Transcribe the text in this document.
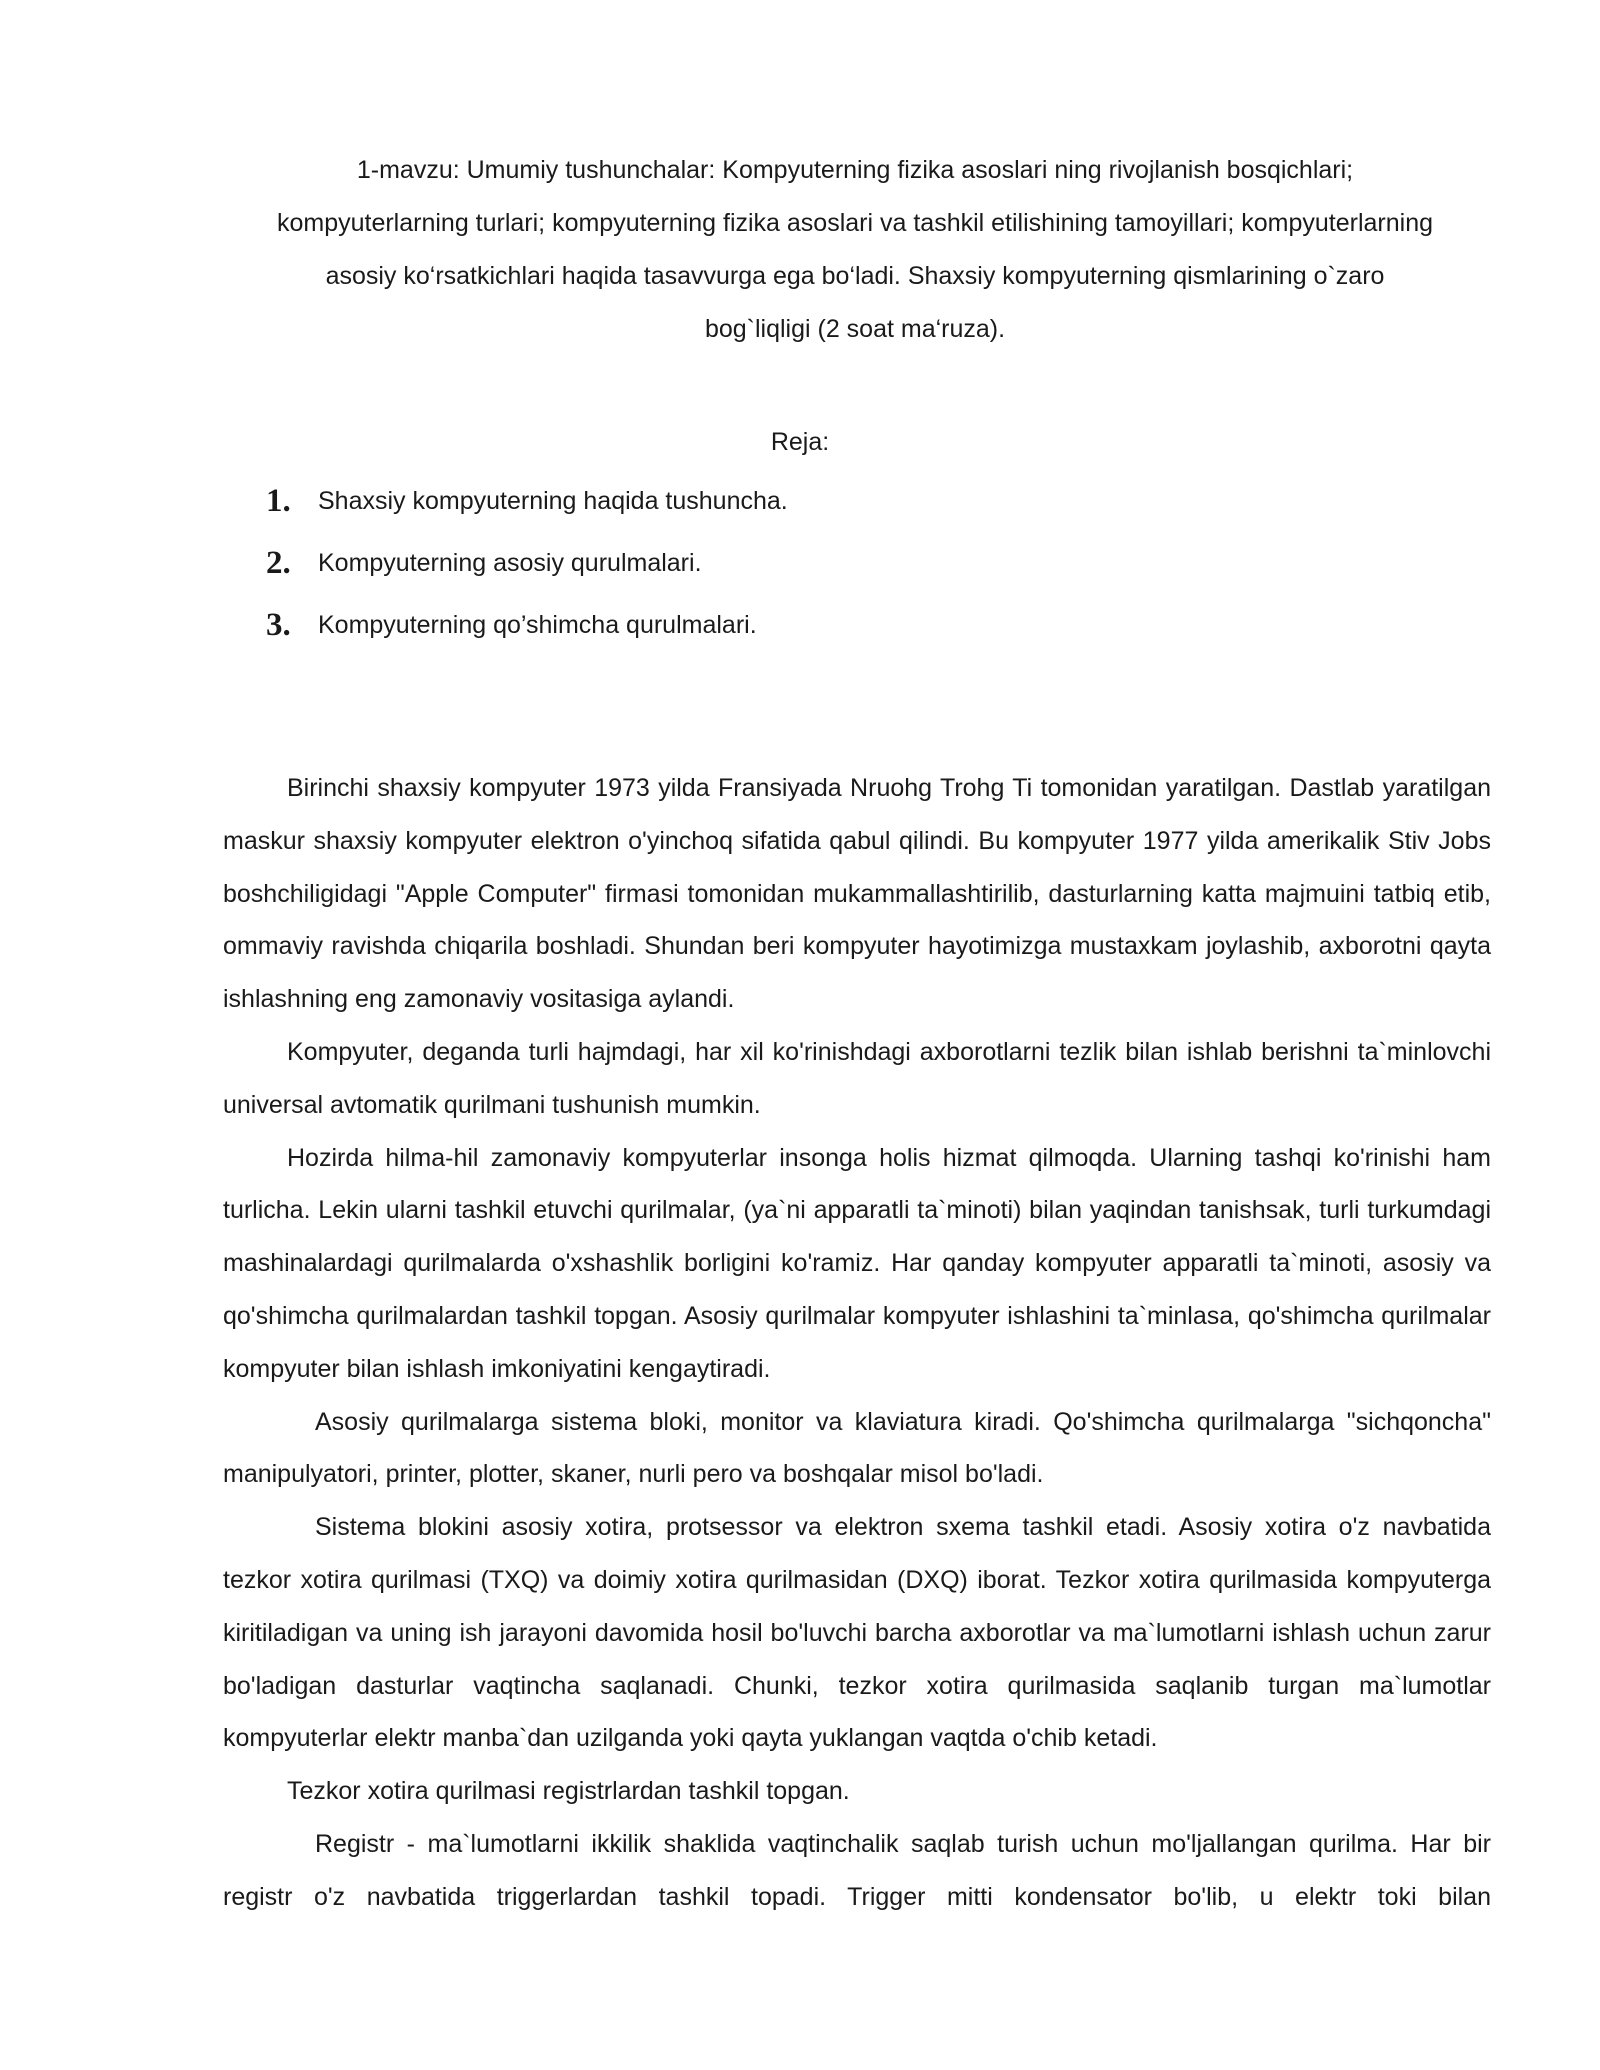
1-mavzu: Umumiy tushunchalar: Kompyuterning fizika asoslari ning rivojlanish bosqichlari;
kompyuterlarning turlari; kompyuterning fizika asoslari va tashkil etilishining tamoyillari; kompyuterlarning
asosiy ko‘rsatkichlari haqida tasavvurga ega bo‘ladi. Shaxsiy kompyuterning qismlarining o`zaro
bog`liqligi (2 soat ma‘ruza).
Reja:
1.	Shaxsiy kompyuterning haqida tushuncha.
2.	Kompyuterning asosiy qurulmalari.
3.	Kompyuterning qo’shimcha qurulmalari.

Birinchi shaxsiy kompyuter 1973 yilda Fransiyada Nruohg Trohg Ti tomonidan yaratilgan. Dastlab yaratilgan maskur shaxsiy kompyuter elektron o'yinchoq sifatida qabul qilindi. Bu kompyuter 1977 yilda amerikalik Stiv Jobs boshchiligidagi "Apple Computer" firmasi tomonidan mukammallashtirilib, dasturlarning katta majmuini tatbiq etib, ommaviy ravishda chiqarila boshladi. Shundan beri kompyuter hayotimizga mustaxkam joylashib, axborotni qayta ishlashning eng zamonaviy vositasiga aylandi.

Kompyuter, deganda turli hajmdagi, har xil ko'rinishdagi axborotlarni tezlik bilan ishlab berishni ta`minlovchi universal avtomatik qurilmani tushunish mumkin.

Hozirda hilma-hil zamonaviy kompyuterlar insonga holis hizmat qilmoqda. Ularning tashqi ko'rinishi ham turlicha. Lekin ularni tashkil etuvchi qurilmalar, (ya`ni apparatli ta`minoti) bilan yaqindan tanishsak, turli turkumdagi mashinalardagi qurilmalarda o'xshashlik borligini ko'ramiz. Har qanday kompyuter apparatli ta`minoti, asosiy va qo'shimcha qurilmalardan tashkil topgan. Asosiy qurilmalar kompyuter ishlashini ta`minlasa, qo'shimcha qurilmalar kompyuter bilan ishlash imkoniyatini kengaytiradi.

Asosiy qurilmalarga sistema bloki, monitor va klaviatura kiradi. Qo'shimcha qurilmalarga "sichqoncha" manipulyatori, printer, plotter, skaner, nurli pero va boshqalar misol bo'ladi.

Sistema blokini asosiy xotira, protsessor va elektron sxema tashkil etadi. Asosiy xotira o'z navbatida tezkor xotira qurilmasi (TXQ) va doimiy xotira qurilmasidan (DXQ) iborat. Tezkor xotira qurilmasida kompyuterga kiritiladigan va uning ish jarayoni davomida hosil bo'luvchi barcha axborotlar va ma`lumotlarni ishlash uchun zarur bo'ladigan dasturlar vaqtincha saqlanadi. Chunki, tezkor xotira qurilmasida saqlanib turgan ma`lumotlar kompyuterlar elektr manba`dan uzilganda yoki qayta yuklangan vaqtda o'chib ketadi.

Tezkor xotira qurilmasi registrlardan tashkil topgan.

Registr - ma`lumotlarni ikkilik shaklida vaqtinchalik saqlab turish uchun mo'ljallangan qurilma. Har bir registr o'z navbatida triggerlardan tashkil topadi. Trigger mitti kondensator bo'lib, u elektr toki bilan
